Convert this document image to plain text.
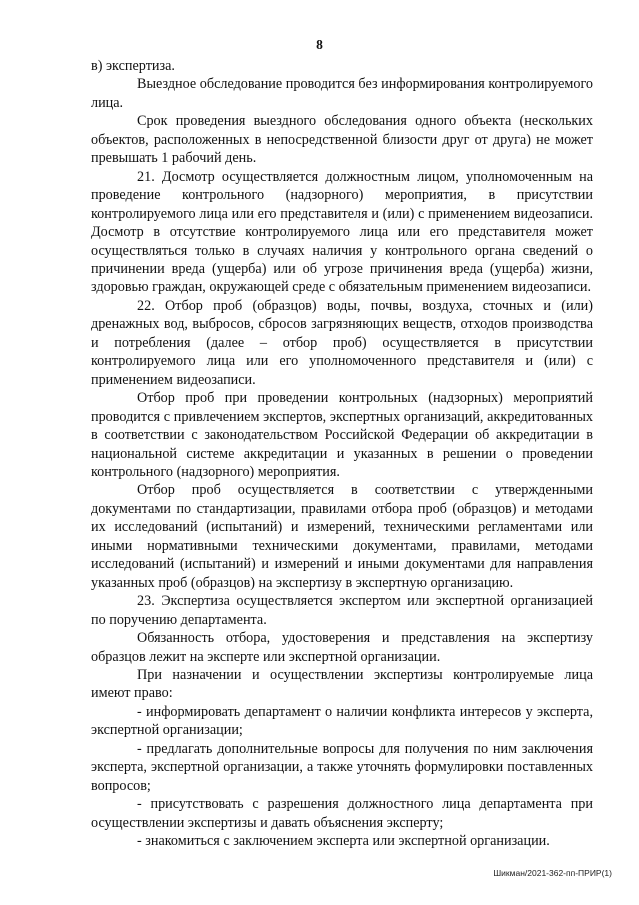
8

в) экспертиза.

Выездное обследование проводится без информирования контролируемого лица.

Срок проведения выездного обследования одного объекта (нескольких объектов, расположенных в непосредственной близости друг от друга) не может превышать 1 рабочий день.

21. Досмотр осуществляется должностным лицом, уполномоченным на проведение контрольного (надзорного) мероприятия, в присутствии контролируемого лица или его представителя и (или) с применением видеозаписи. Досмотр в отсутствие контролируемого лица или его представителя может осуществляться только в случаях наличия у контрольного органа сведений о причинении вреда (ущерба) или об угрозе причинения вреда (ущерба) жизни, здоровью граждан, окружающей среде с обязательным применением видеозаписи.

22. Отбор проб (образцов) воды, почвы, воздуха, сточных и (или) дренажных вод, выбросов, сбросов загрязняющих веществ, отходов производства и потребления (далее – отбор проб) осуществляется в присутствии контролируемого лица или его уполномоченного представителя и (или) с применением видеозаписи.

Отбор проб при проведении контрольных (надзорных) мероприятий проводится с привлечением экспертов, экспертных организаций, аккредитованных в соответствии с законодательством Российской Федерации об аккредитации в национальной системе аккредитации и указанных в решении о проведении контрольного (надзорного) мероприятия.

Отбор проб осуществляется в соответствии с утвержденными документами по стандартизации, правилами отбора проб (образцов) и методами их исследований (испытаний) и измерений, техническими регламентами или иными нормативными техническими документами, правилами, методами исследований (испытаний) и измерений и иными документами для направления указанных проб (образцов) на экспертизу в экспертную организацию.

23. Экспертиза осуществляется экспертом или экспертной организацией по поручению департамента.

Обязанность отбора, удостоверения и представления на экспертизу образцов лежит на эксперте или экспертной организации.

При назначении и осуществлении экспертизы контролируемые лица имеют право:

- информировать департамент о наличии конфликта интересов у эксперта, экспертной организации;

- предлагать дополнительные вопросы для получения по ним заключения эксперта, экспертной организации, а также уточнять формулировки поставленных вопросов;

- присутствовать с разрешения должностного лица департамента при осуществлении экспертизы и давать объяснения эксперту;

- знакомиться с заключением эксперта или экспертной организации.

Шикман/2021-362-пп-ПРИР(1)
